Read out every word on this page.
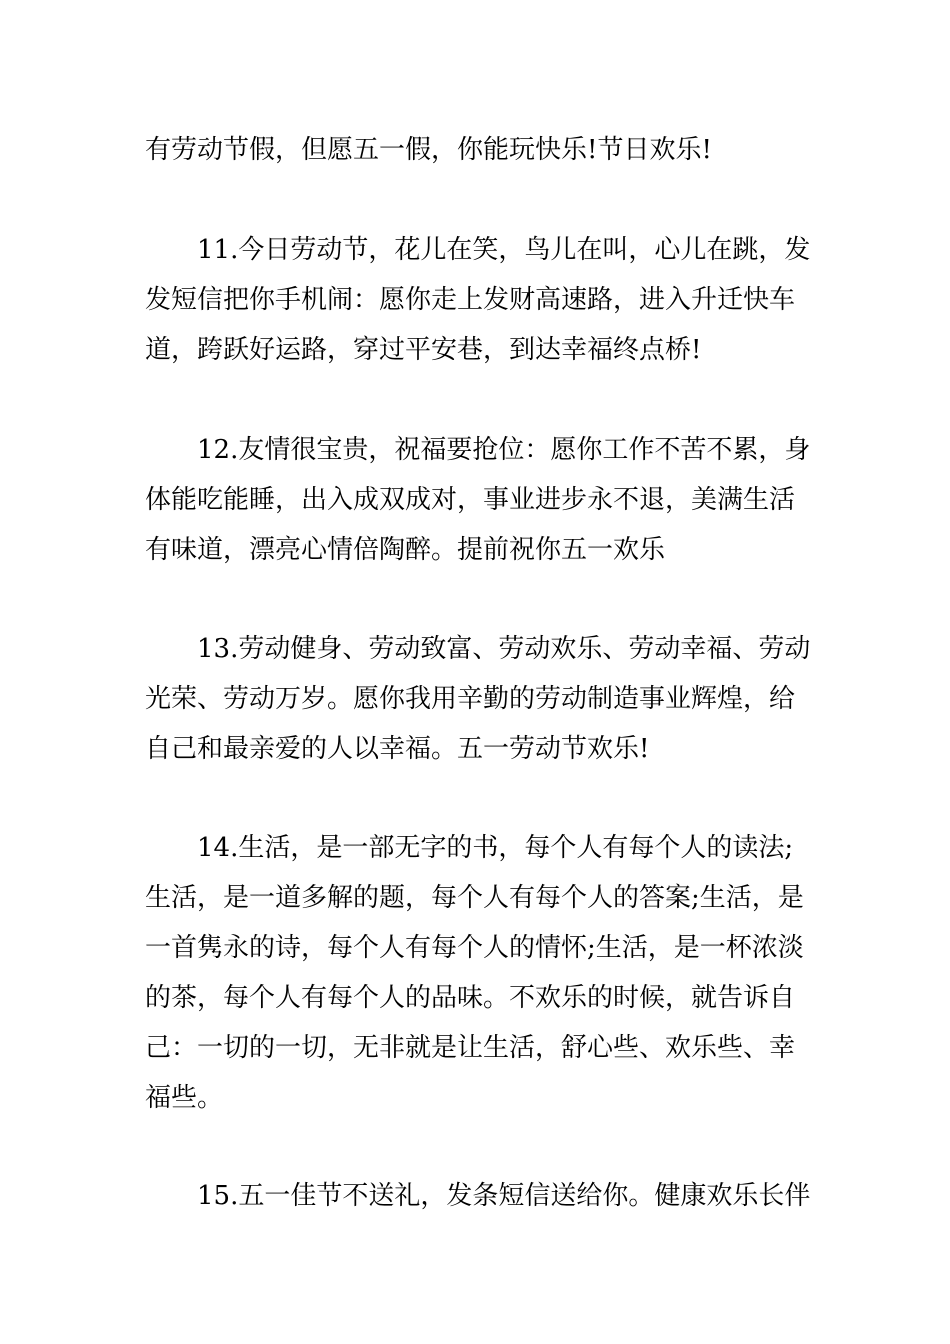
有劳动节假，但愿五一假，你能玩快乐!节日欢乐!
11.今日劳动节，花儿在笑，鸟儿在叫，心儿在跳，发
发短信把你手机闹：愿你走上发财高速路，进入升迁快车
道，跨跃好运路，穿过平安巷，到达幸福终点桥!
12.友情很宝贵，祝福要抢位：愿你工作不苦不累，身
体能吃能睡，出入成双成对，事业进步永不退，美满生活
有味道，漂亮心情倍陶醉。提前祝你五一欢乐
13.劳动健身、劳动致富、劳动欢乐、劳动幸福、劳动
光荣、劳动万岁。愿你我用辛勤的劳动制造事业辉煌，给
自己和最亲爱的人以幸福。五一劳动节欢乐!
14.生活，是一部无字的书，每个人有每个人的读法;
生活，是一道多解的题，每个人有每个人的答案;生活，是
一首隽永的诗，每个人有每个人的情怀;生活，是一杯浓淡
的茶，每个人有每个人的品味。不欢乐的时候，就告诉自
己：一切的一切，无非就是让生活，舒心些、欢乐些、幸
福些。
15.五一佳节不送礼，发条短信送给你。健康欢乐长伴
